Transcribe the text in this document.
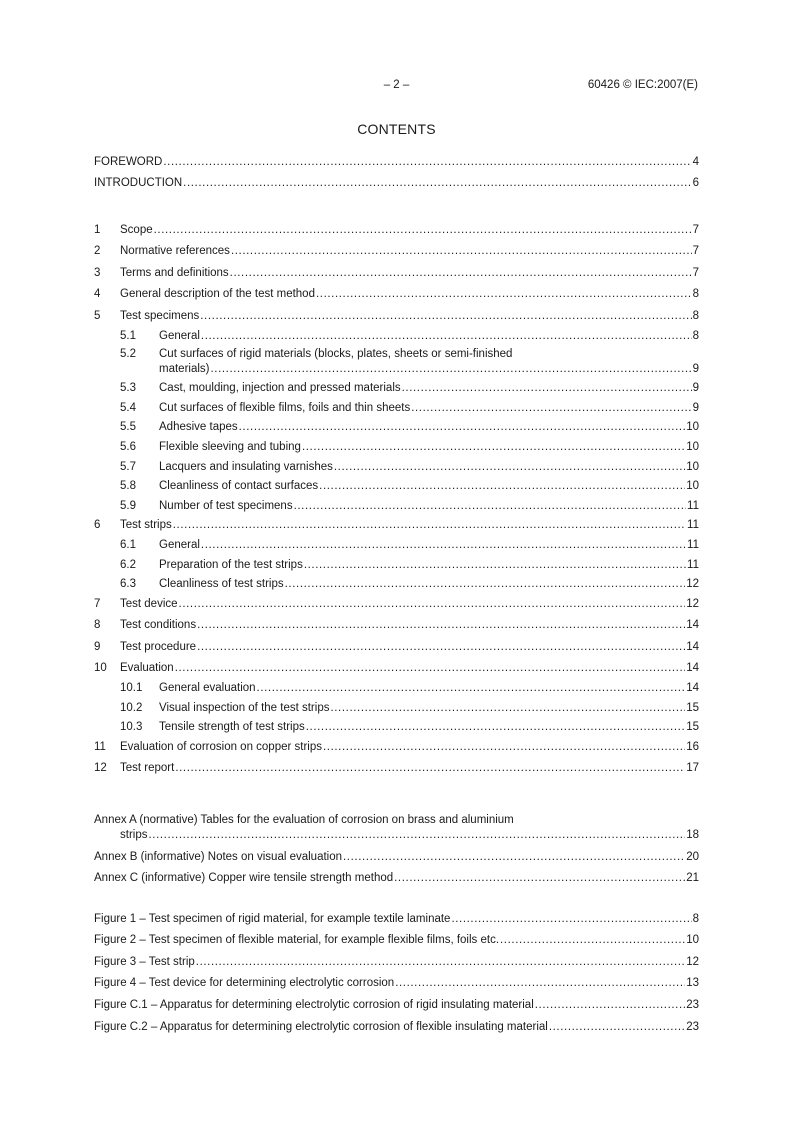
– 2 –	60426 © IEC:2007(E)
CONTENTS
FOREWORD .....	4
INTRODUCTION .....	6
1	Scope .....	7
2	Normative references .....	7
3	Terms and definitions .....	7
4	General description of the test method .....	8
5	Test specimens .....	8
5.1	General .....	8
5.2	Cut surfaces of rigid materials (blocks, plates, sheets or semi-finished
materials) .....	9
5.3	Cast, moulding, injection and pressed materials .....	9
5.4	Cut surfaces of flexible films, foils and thin sheets .....	9
5.5	Adhesive tapes .....	10
5.6	Flexible sleeving and tubing .....	10
5.7	Lacquers and insulating varnishes .....	10
5.8	Cleanliness of contact surfaces .....	10
5.9	Number of test specimens .....	11
6	Test strips .....	11
6.1	General .....	11
6.2	Preparation of the test strips .....	11
6.3	Cleanliness of test strips .....	12
7	Test device .....	12
8	Test conditions .....	14
9	Test procedure .....	14
10	Evaluation .....	14
10.1	General evaluation .....	14
10.2	Visual inspection of the test strips .....	15
10.3	Tensile strength of test strips .....	15
11	Evaluation of corrosion on copper strips .....	16
12	Test report .....	17
Annex A (normative) Tables for the evaluation of corrosion on brass and aluminium
strips .....	18
Annex B (informative) Notes on visual evaluation .....	20
Annex C (informative) Copper wire tensile strength method .....	21
Figure 1 – Test specimen of rigid material, for example textile laminate .....	8
Figure 2 – Test specimen of flexible material, for example flexible films, foils etc. .....	10
Figure 3 – Test strip .....	12
Figure 4 – Test device for determining electrolytic corrosion .....	13
Figure C.1 – Apparatus for determining electrolytic corrosion of rigid insulating material .....	23
Figure C.2 – Apparatus for determining electrolytic corrosion of flexible insulating material .....	23
